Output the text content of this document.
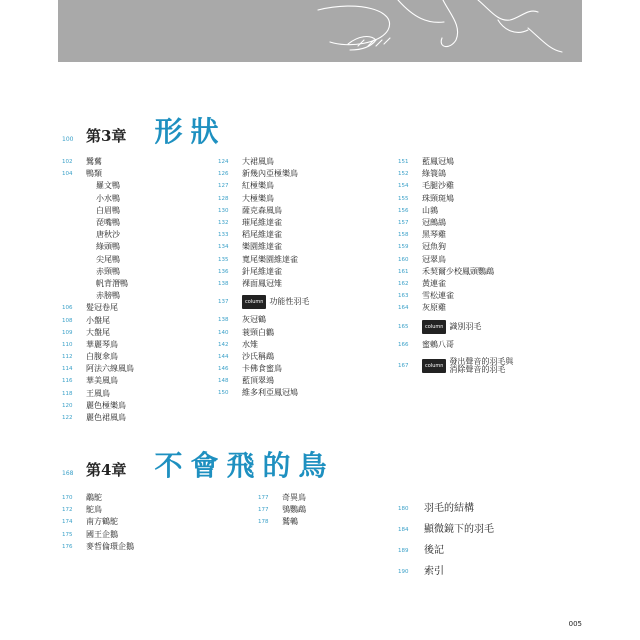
100 第3章 形狀
102	鷺鶿
104	鴨類
羅文鴨
小水鴨
白眉鴨
琵嘴鴨
唐秋沙
綠頭鴨
尖尾鴨
赤頸鴨
帆背潛鴨
赤膀鴨
106	髮冠卷尾
108	小盤尾
109	大盤尾
110	華麗琴鳥
112	白腹傘鳥
114	阿法六線風鳥
116	華美風鳥
118	王風鳥
120	麗色極樂鳥
122	麗色裙風鳥
124	大裙風鳥
126	新幾內亞極樂鳥
127	紅極樂鳥
128	大極樂鳥
130	薩克森風鳥
132	璀尾維達雀
133	稻尾維達雀
134	樂園維達雀
135	寬尾樂園維達雀
136	針尾維達雀
138	裸面鳳冠雉
137	column 功能性羽毛
138	灰冠鶴
140	蓑頸白鸛
142	水雉
144	沙氏稱鵡
146	卡佛食蜜鳥
148	藍頂翠鴗
150	維多利亞鳳冠鳩
151	藍鳳冠鳩
152	綠簑鴿
154	毛腿沙雞
155	珠頸斑鳩
156	山鶉
157	冠鷓鴣
158	黑琴雞
159	冠魚狗
160	冠翠鳥
161	禾契爾少校鳳頭鸚鵡
162	黃連雀
163	雪松連雀
164	灰原雞
165	column 識別羽毛
166	蜜鶇八哥
167	column 發出聲音的羽毛與
消除聲音的羽毛
168 第4章 不會飛的鳥
170	鷸鴕
172	鴕鳥
174	南方鶴鴕
175	國王企鵝
176	麥哲倫環企鵝
177	奇異鳥
177	鴞鸚鵡
178	鷲鵪
180	羽毛的結構
184	顯微鏡下的羽毛
189	後記
190	索引
005
